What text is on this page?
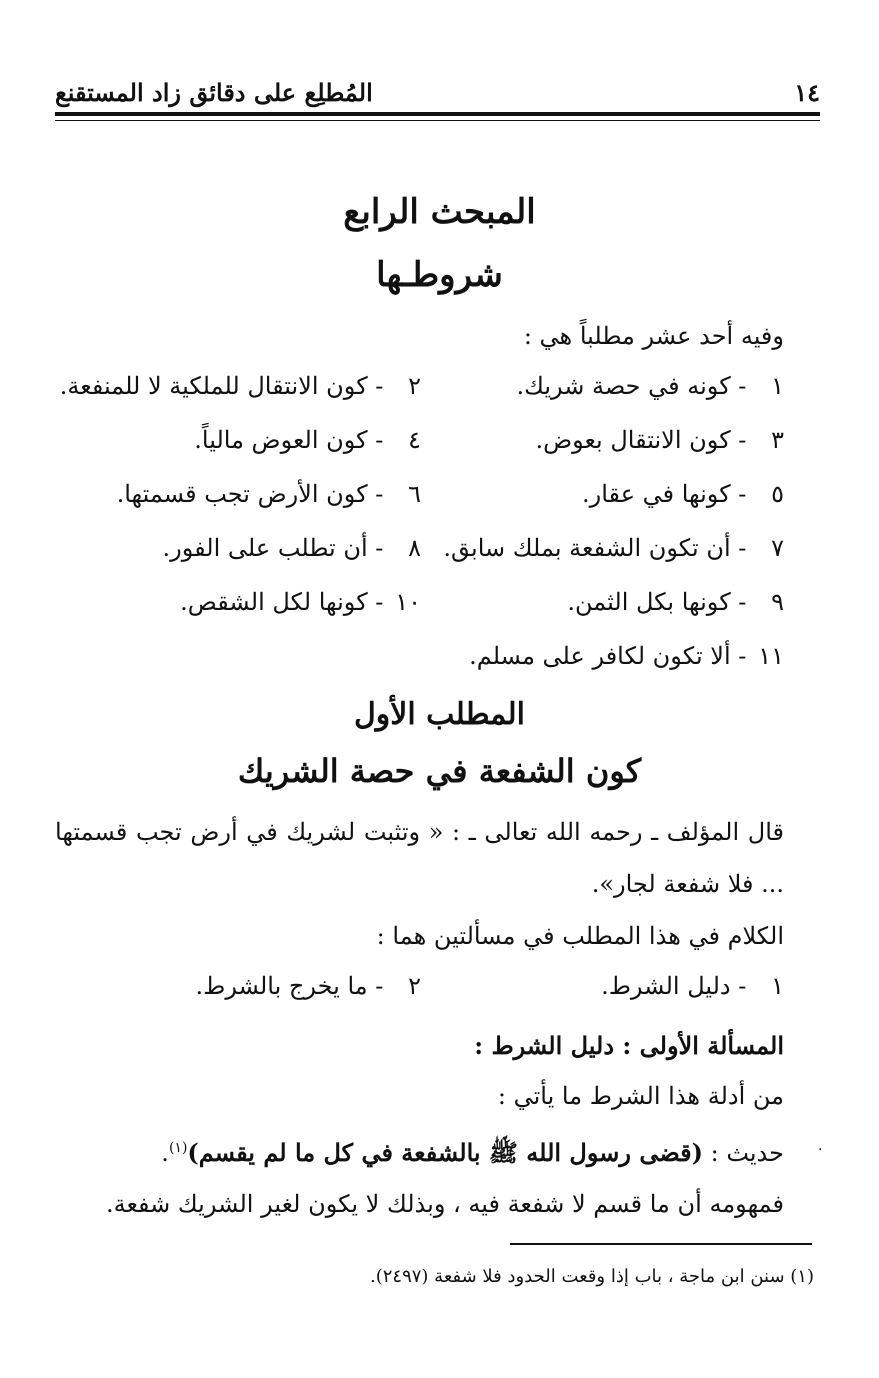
١٤
المُطلِع على دقائق زاد المستقنع
المبحث الرابع
شروطـها
وفيه أحد عشر مطلباً هي :
١ - كونه في حصة شريك.
٢ - كون الانتقال للملكية لا للمنفعة.
٣ - كون الانتقال بعوض.
٤ - كون العوض مالياً.
٥ - كونها في عقار.
٦ - كون الأرض تجب قسمتها.
٧ - أن تكون الشفعة بملك سابق.
٨ - أن تطلب على الفور.
٩ - كونها بكل الثمن.
١٠ - كونها لكل الشقص.
١١ - ألا تكون لكافر على مسلم.
المطلب الأول
كون الشفعة في حصة الشريك
قال المؤلف ـ رحمه الله تعالى ـ : « وتثبت لشريك في أرض تجب قسمتها ... فلا شفعة لجار».
الكلام في هذا المطلب في مسألتين هما :
١ - دليل الشرط.
٢ - ما يخرج بالشرط.
المسألة الأولى : دليل الشرط :
من أدلة هذا الشرط ما يأتي :
حديث : (قضى رسول الله ﷺ بالشفعة في كل ما لم يقسم)$^{(١)}$.	·
فمهومه أن ما قسم لا شفعة فيه ، وبذلك لا يكون لغير الشريك شفعة.
(١) سنن ابن ماجة ، باب إذا وقعت الحدود فلا شفعة (٢٤٩٧).
